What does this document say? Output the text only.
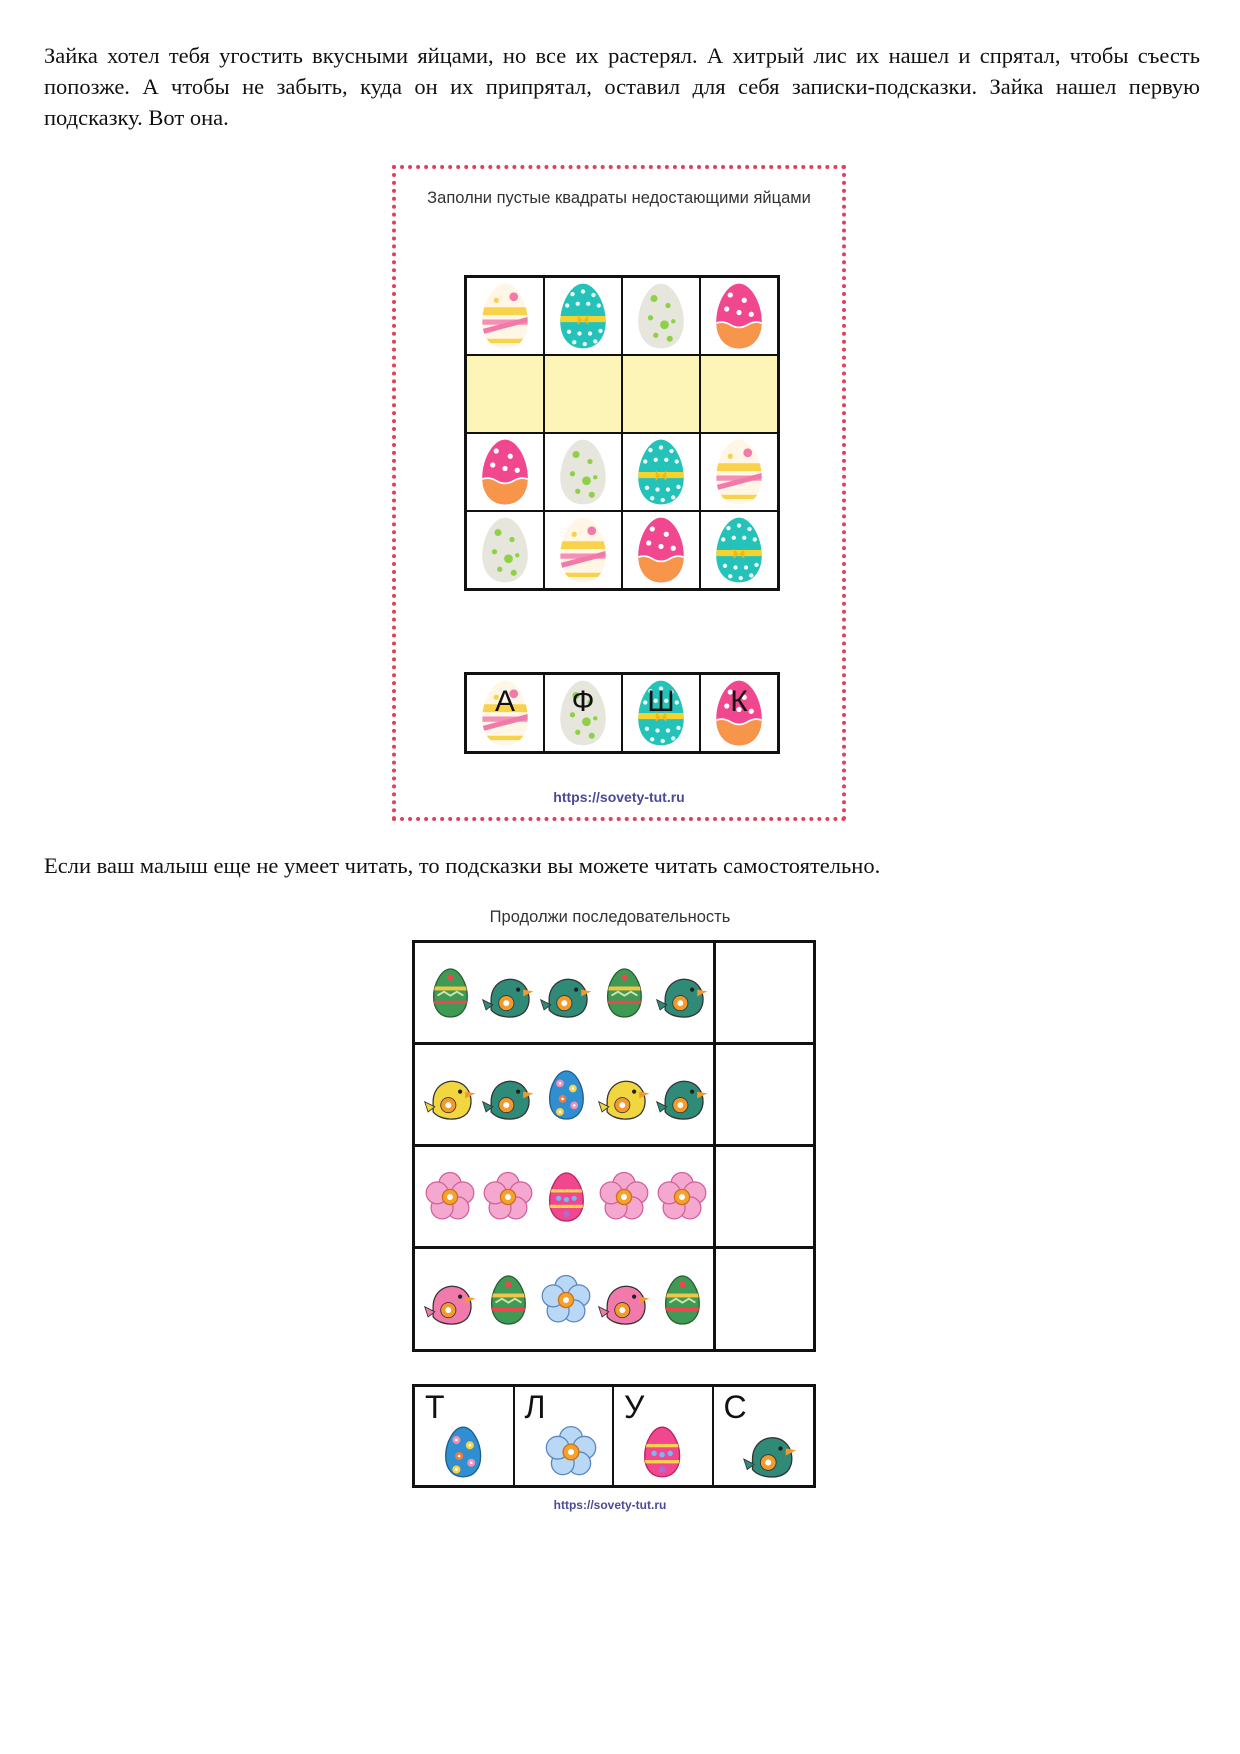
Зайка хотел тебя угостить вкусными яйцами, но все их растерял. А хитрый лис их нашел и спрятал, чтобы съесть попозже. А чтобы не забыть, куда он их припрятал, оставил для себя записки-подсказки. Зайка нашел первую подсказку. Вот она.

Заполни пустые квадраты недостающими яйцами
А	Ф	Ш	К
https://sovety-tut.ru

Если ваш малыш еще не умеет читать, то подсказки вы можете читать самостоятельно.

Продолжи последовательность
Т Л У С
https://sovety-tut.ru
